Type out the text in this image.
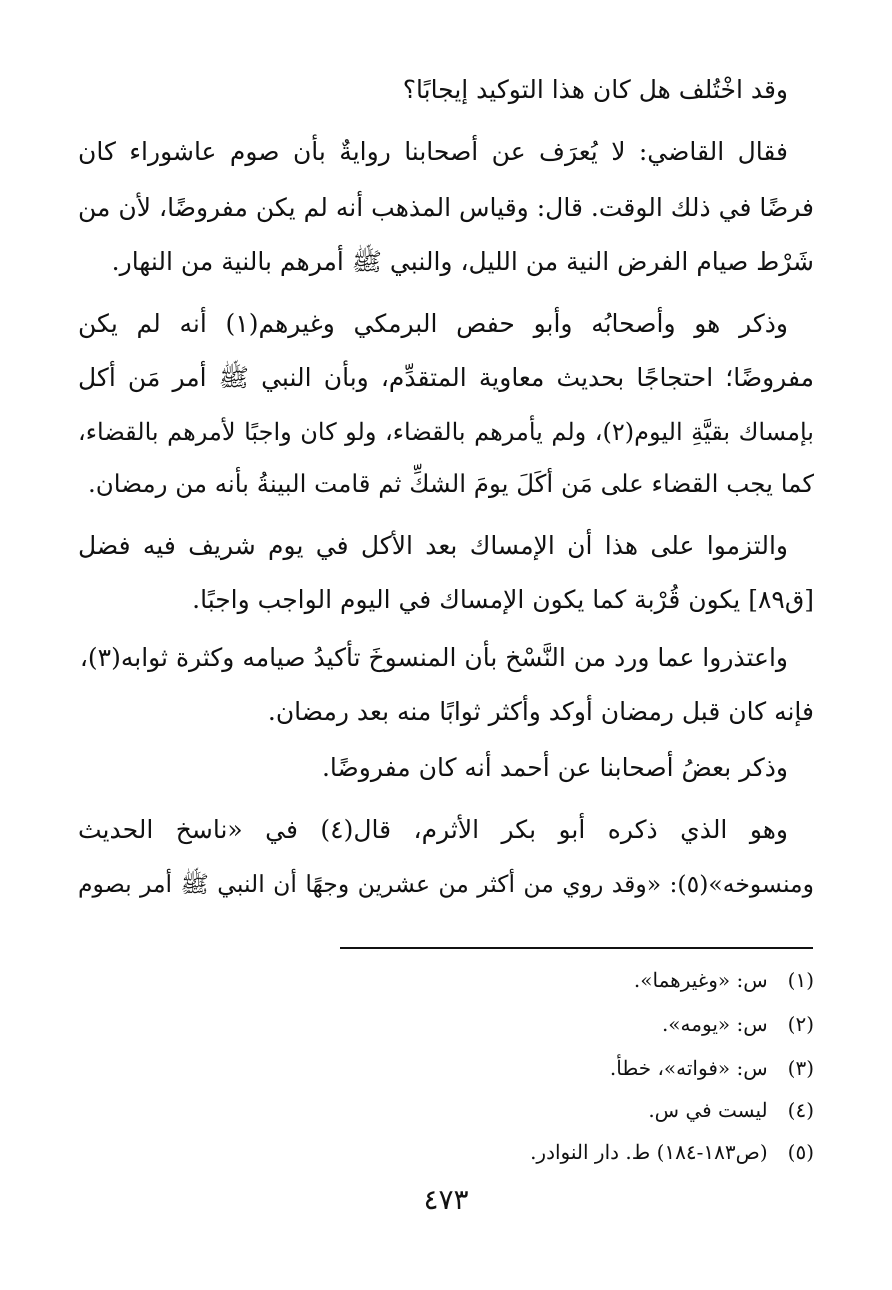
وقد اخْتُلف هل كان هذا التوكيد إيجابًا؟
فقال القاضي: لا يُعرَف عن أصحابنا روايةٌ بأن صوم عاشوراء كان
فرضًا في ذلك الوقت. قال: وقياس المذهب أنه لم يكن مفروضًا، لأن من
شَرْط صيام الفرض النية من الليل، والنبي ﷺ أمرهم بالنية من النهار.
وذكر هو وأصحابُه وأبو حفص البرمكي وغيرهم(١) أنه لم يكن
مفروضًا؛ احتجاجًا بحديث معاوية المتقدِّم، وبأن النبي ﷺ أمر مَن أكل
بإمساك بقيَّةِ اليوم(٢)، ولم يأمرهم بالقضاء، ولو كان واجبًا لأمرهم بالقضاء،
كما يجب القضاء على مَن أكَلَ يومَ الشكِّ ثم قامت البينةُ بأنه من رمضان.
والتزموا على هذا أن الإمساك بعد الأكل في يوم شريف فيه فضل
[ق٨٩] يكون قُرْبة كما يكون الإمساك في اليوم الواجب واجبًا.
واعتذروا عما ورد من النَّسْخ بأن المنسوخَ تأكيدُ صيامه وكثرة ثوابه(٣)،
فإنه كان قبل رمضان أوكد وأكثر ثوابًا منه بعد رمضان.
وذكر بعضُ أصحابنا عن أحمد أنه كان مفروضًا.
وهو الذي ذكره أبو بكر الأثرم، قال(٤) في «ناسخ الحديث
ومنسوخه»(٥): «وقد روي من أكثر من عشرين وجهًا أن النبي ﷺ أمر بصوم
(١) س: «وغيرهما».
(٢) س: «يومه».
(٣) س: «فواته»، خطأ.
(٤) ليست في س.
(٥) (ص١٨٣-١٨٤) ط. دار النوادر.
٤٧٣
